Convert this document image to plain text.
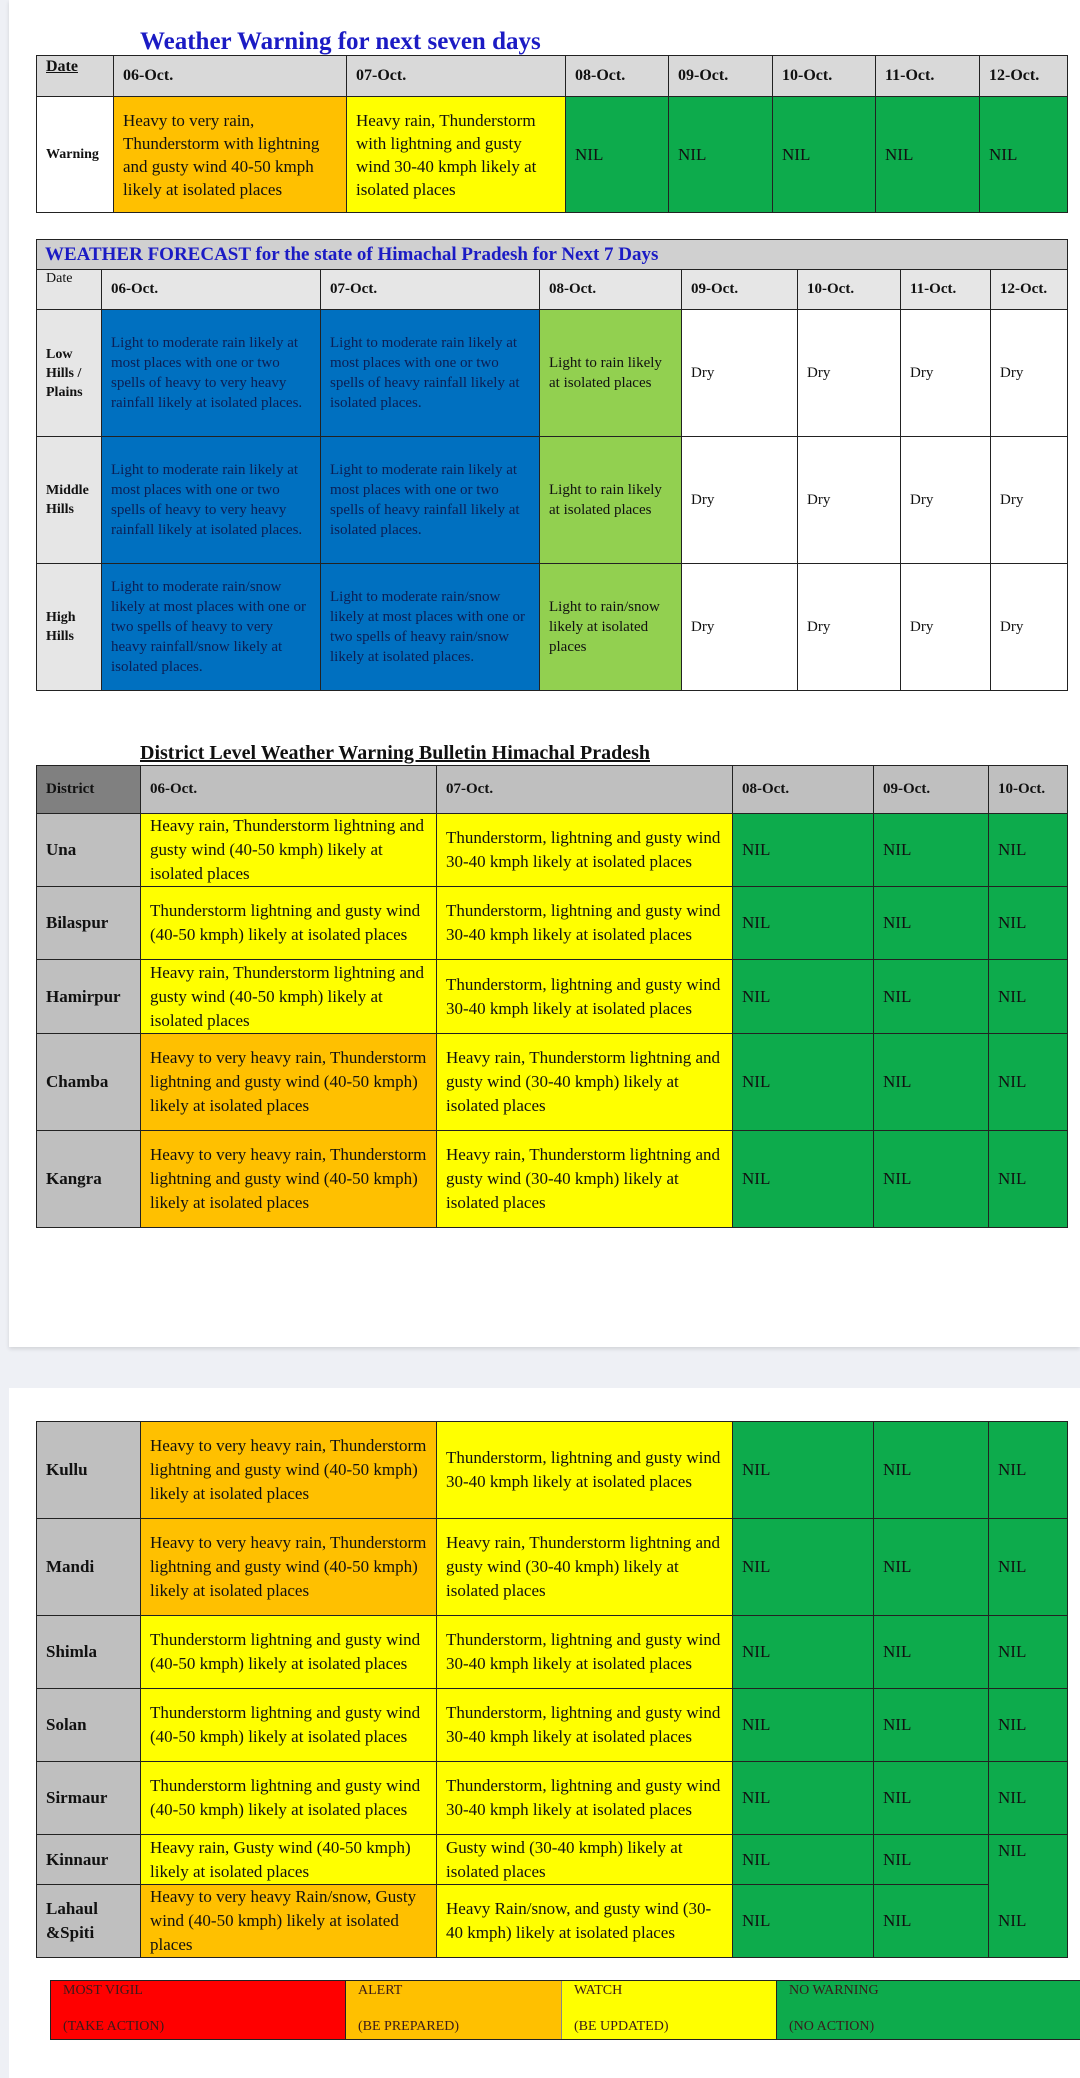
Weather Warning for next seven days
Date	06-Oct.	07-Oct.	08-Oct.	09-Oct.	10-Oct.	11-Oct.	12-Oct.
Warning	Heavy to very rain, Thunderstorm with lightning and gusty wind 40-50 kmph likely at isolated places	Heavy rain, Thunderstorm with lightning and gusty wind 30-40 kmph likely at isolated places	NIL	NIL	NIL	NIL	NIL
WEATHER FORECAST for the state of Himachal Pradesh for Next 7 Days							
Date	06-Oct.	07-Oct.	08-Oct.	09-Oct.	10-Oct.	11-Oct.	12-Oct.
Low Hills / Plains	Light to moderate rain likely at most places with one or two spells of heavy to very heavy rainfall likely at isolated places.	Light to moderate rain likely at most places with one or two spells of heavy rainfall likely at isolated places.	Light to rain likely at isolated places	Dry	Dry	Dry	Dry
Middle Hills	Light to moderate rain likely at most places with one or two spells of heavy to very heavy rainfall likely at isolated places.	Light to moderate rain likely at most places with one or two spells of heavy rainfall likely at isolated places.	Light to rain likely at isolated places	Dry	Dry	Dry	Dry
High Hills	Light to moderate rain/snow likely at most places with one or two spells of heavy to very heavy rainfall/snow likely at isolated places.	Light to moderate rain/snow likely at most places with one or two spells of heavy rain/snow likely at isolated places.	Light to rain/snow likely at isolated places	Dry	Dry	Dry	Dry
District Level Weather Warning Bulletin Himachal Pradesh
District	06-Oct.	07-Oct.	08-Oct.	09-Oct.	10-Oct.
Una	Heavy rain, Thunderstorm lightning and gusty wind (40-50 kmph) likely at isolated places	Thunderstorm, lightning and gusty wind 30-40 kmph likely at isolated places	NIL	NIL	NIL
Bilaspur	Thunderstorm lightning and gusty wind (40-50 kmph) likely at isolated places	Thunderstorm, lightning and gusty wind 30-40 kmph likely at isolated places	NIL	NIL	NIL
Hamirpur	Heavy rain, Thunderstorm lightning and gusty wind (40-50 kmph) likely at isolated places	Thunderstorm, lightning and gusty wind 30-40 kmph likely at isolated places	NIL	NIL	NIL
Chamba	Heavy to very heavy rain, Thunderstorm lightning and gusty wind (40-50 kmph) likely at isolated places	Heavy rain, Thunderstorm lightning and gusty wind (30-40 kmph) likely at isolated places	NIL	NIL	NIL
Kangra	Heavy to very heavy rain, Thunderstorm lightning and gusty wind (40-50 kmph) likely at isolated places	Heavy rain, Thunderstorm lightning and gusty wind (30-40 kmph) likely at isolated places	NIL	NIL	NIL
Kullu	Heavy to very heavy rain, Thunderstorm lightning and gusty wind (40-50 kmph) likely at isolated places	Thunderstorm, lightning and gusty wind 30-40 kmph likely at isolated places	NIL	NIL	NIL
Mandi	Heavy to very heavy rain, Thunderstorm lightning and gusty wind (40-50 kmph) likely at isolated places	Heavy rain, Thunderstorm lightning and gusty wind (30-40 kmph) likely at isolated places	NIL	NIL	NIL
Shimla	Thunderstorm lightning and gusty wind (40-50 kmph) likely at isolated places	Thunderstorm, lightning and gusty wind 30-40 kmph likely at isolated places	NIL	NIL	NIL
Solan	Thunderstorm lightning and gusty wind (40-50 kmph) likely at isolated places	Thunderstorm, lightning and gusty wind 30-40 kmph likely at isolated places	NIL	NIL	NIL
Sirmaur	Thunderstorm lightning and gusty wind (40-50 kmph) likely at isolated places	Thunderstorm, lightning and gusty wind 30-40 kmph likely at isolated places	NIL	NIL	NIL
Kinnaur	Heavy rain, Gusty wind (40-50 kmph) likely at isolated places	Gusty wind (30-40 kmph) likely at isolated places	NIL	NIL	NIL
Lahaul &Spiti	Heavy to very heavy Rain/snow, Gusty wind (40-50 kmph) likely at isolated places	Heavy Rain/snow, and gusty wind (30-40 kmph) likely at isolated places	NIL	NIL	NIL
MOST VIGIL
(TAKE ACTION)
ALERT
(BE PREPARED)
WATCH
(BE UPDATED)
NO WARNING
(NO ACTION)
